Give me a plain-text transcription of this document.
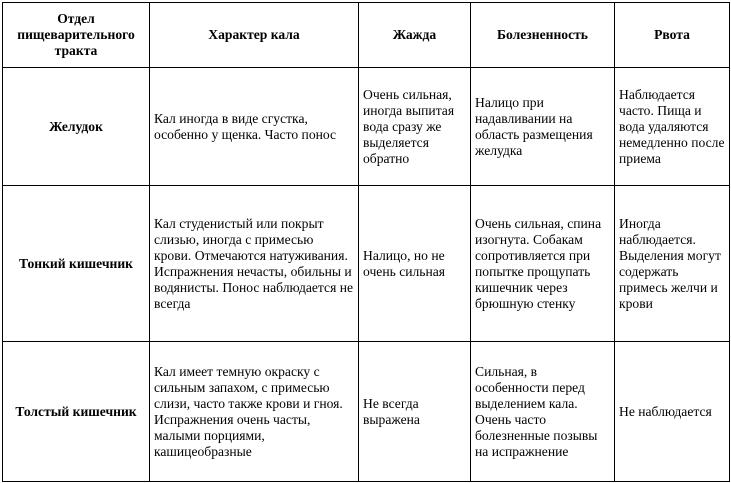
Отдел пищеварительного тракта	Характер кала	Жажда	Болезненность	Рвота
Желудок	Кал иногда в виде сгустка, особенно у щенка. Часто понос	Очень сильная, иногда выпитая вода сразу же выделяется обратно	Налицо при надавливании на область размещения желудка	Наблюдается часто. Пища и вода удаляются немедленно после приема
Тонкий кишечник	Кал студенистый или покрыт слизью, иногда с примесью крови. Отмечаются натуживания. Испражнения нечасты, обильны и водянисты. Понос наблюдается не всегда	Налицо, но не очень сильная	Очень сильная, спина изогнута. Собакам сопротивляется при попытке прощупать кишечник через брюшную стенку	Иногда наблюдается. Выделения могут содержать примесь желчи и крови
Толстый кишечник	Кал имеет темную окраску с сильным запахом, с примесью слизи, часто также крови и гноя. Испражнения очень часты, малыми порциями, кашицеобразные	Не всегда выражена	Сильная, в особенности перед выделением кала. Очень часто болезненные позывы на испражнение	Не наблюдается
